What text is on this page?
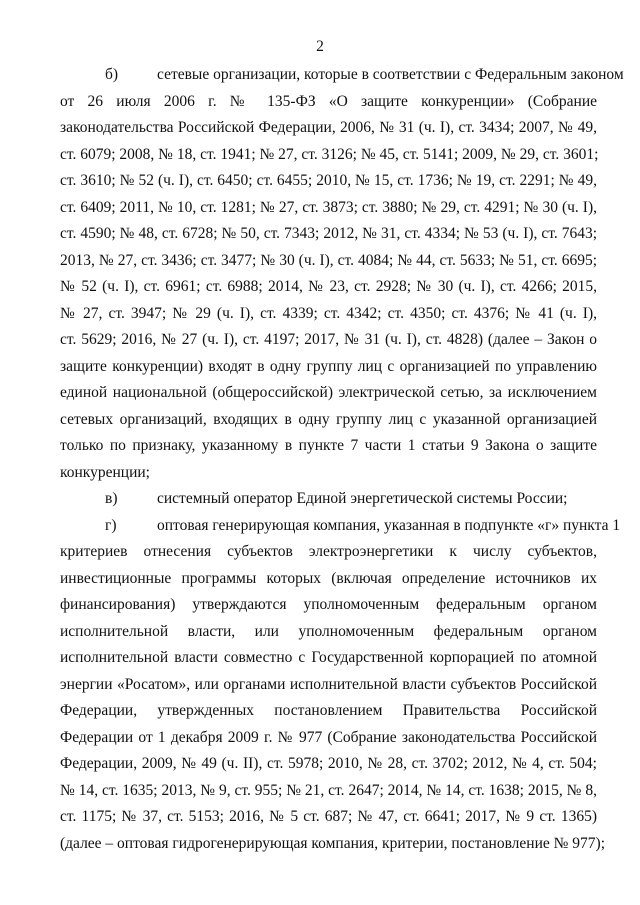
2
б)	сетевые организации, которые в соответствии с Федеральным законом
от 26 июля 2006 г. № 135-ФЗ «О защите конкуренции» (Собрание
законодательства Российской Федерации, 2006, № 31 (ч. I), ст. 3434; 2007, № 49,
ст. 6079; 2008, № 18, ст. 1941; № 27, ст. 3126; № 45, ст. 5141; 2009, № 29, ст. 3601;
ст. 3610; № 52 (ч. I), ст. 6450; ст. 6455; 2010, № 15, ст. 1736; № 19, ст. 2291; № 49,
ст. 6409; 2011, № 10, ст. 1281; № 27, ст. 3873; ст. 3880; № 29, ст. 4291; № 30 (ч. I),
ст. 4590; № 48, ст. 6728; № 50, ст. 7343; 2012, № 31, ст. 4334; № 53 (ч. I), ст. 7643;
2013, № 27, ст. 3436; ст. 3477; № 30 (ч. I), ст. 4084; № 44, ст. 5633; № 51, ст. 6695;
№ 52 (ч. I), ст. 6961; ст. 6988; 2014, № 23, ст. 2928; № 30 (ч. I), ст. 4266; 2015,
№ 27, ст. 3947; № 29 (ч. I), ст. 4339; ст. 4342; ст. 4350; ст. 4376; № 41 (ч. I),
ст. 5629; 2016, № 27 (ч. I), ст. 4197; 2017, № 31 (ч. I), ст. 4828) (далее – Закон о
защите конкуренции) входят в одну группу лиц с организацией по управлению
единой национальной (общероссийской) электрической сетью, за исключением
сетевых организаций, входящих в одну группу лиц с указанной организацией
только по признаку, указанному в пункте 7 части 1 статьи 9 Закона о защите
конкуренции;
в)	системный оператор Единой энергетической системы России;
г)	оптовая генерирующая компания, указанная в подпункте «г» пункта 1
критериев отнесения субъектов электроэнергетики к числу субъектов,
инвестиционные программы которых (включая определение источников их
финансирования) утверждаются уполномоченным федеральным органом
исполнительной власти, или уполномоченным федеральным органом
исполнительной власти совместно с Государственной корпорацией по атомной
энергии «Росатом», или органами исполнительной власти субъектов Российской
Федерации, утвержденных постановлением Правительства Российской
Федерации от 1 декабря 2009 г. № 977 (Собрание законодательства Российской
Федерации, 2009, № 49 (ч. II), ст. 5978; 2010, № 28, ст. 3702; 2012, № 4, ст. 504;
№ 14, ст. 1635; 2013, № 9, ст. 955; № 21, ст. 2647; 2014, № 14, ст. 1638; 2015, № 8,
ст. 1175; № 37, ст. 5153; 2016, № 5 ст. 687; № 47, ст. 6641; 2017, № 9 ст. 1365)
(далее – оптовая гидрогенерирующая компания, критерии, постановление № 977);
